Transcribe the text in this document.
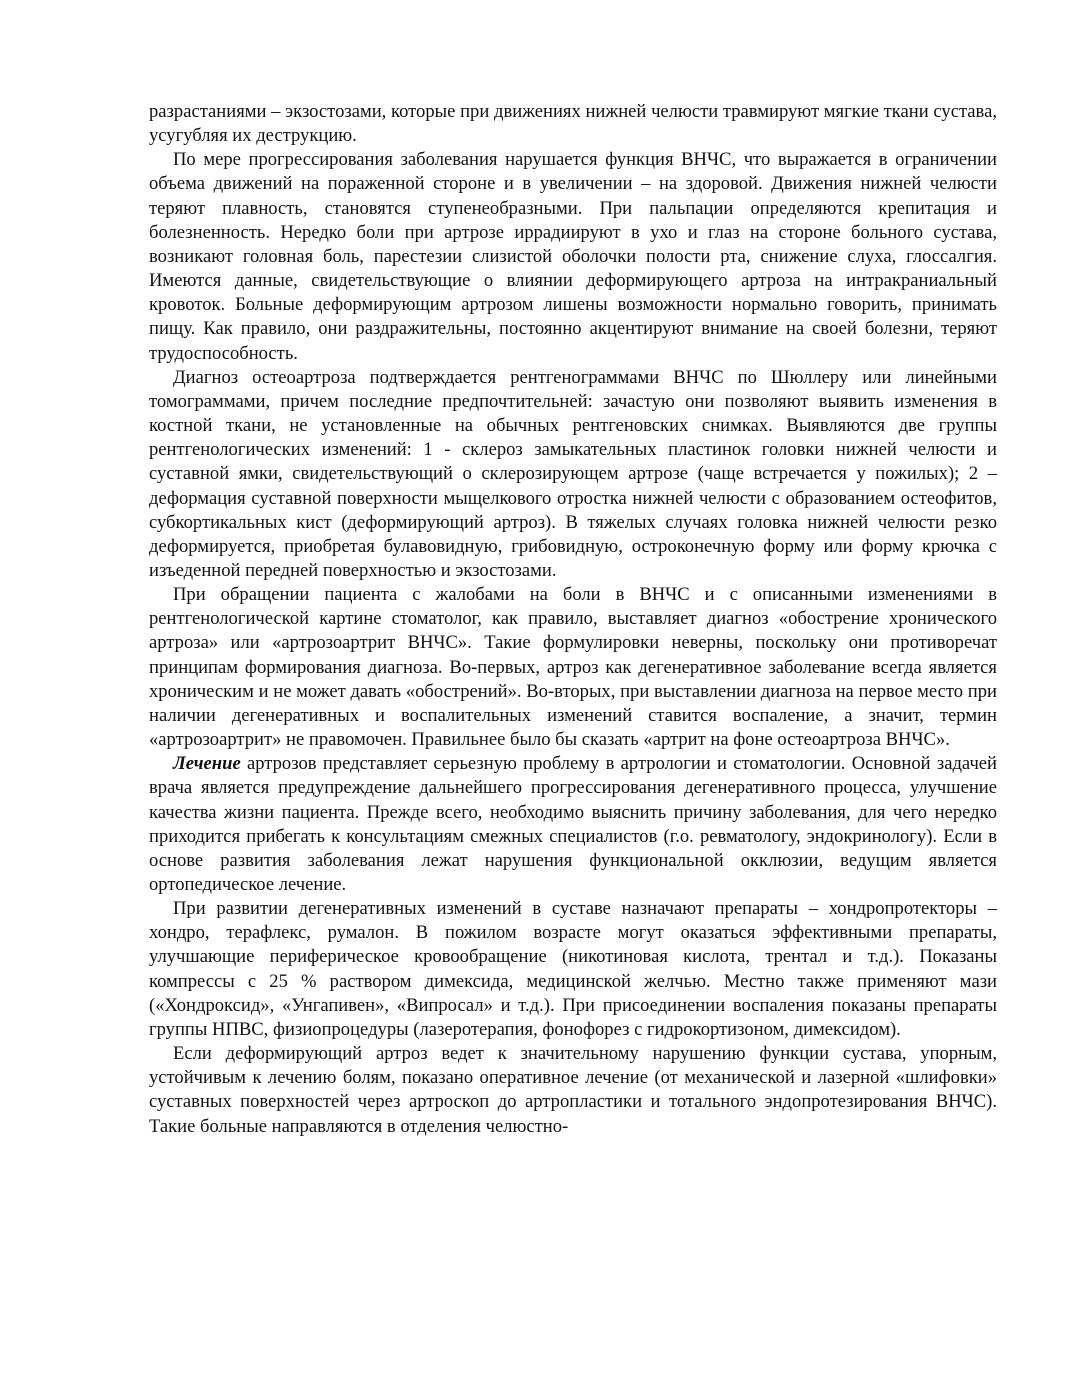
разрастаниями – экзостозами, которые при движениях нижней челюсти травмируют мягкие ткани сустава, усугубляя их деструкцию.

По мере прогрессирования заболевания нарушается функция ВНЧС, что выражается в ограничении объема движений на пораженной стороне и в увеличении – на здоровой. Движения нижней челюсти теряют плавность, становятся ступенеобразными. При пальпации определяются крепитация и болезненность. Нередко боли при артрозе иррадиируют в ухо и глаз на стороне больного сустава, возникают головная боль, парестезии слизистой оболочки полости рта, снижение слуха, глоссалгия. Имеются данные, свидетельствующие о влиянии деформирующего артроза на интракраниальный кровоток. Больные деформирующим артрозом лишены возможности нормально говорить, принимать пищу. Как правило, они раздражительны, постоянно акцентируют внимание на своей болезни, теряют трудоспособность.

Диагноз остеоартроза подтверждается рентгенограммами ВНЧС по Шюллеру или линейными томограммами, причем последние предпочтительней: зачастую они позволяют выявить изменения в костной ткани, не установленные на обычных рентгеновских снимках. Выявляются две группы рентгенологических изменений: 1 - склероз замыкательных пластинок головки нижней челюсти и суставной ямки, свидетельствующий о склерозирующем артрозе (чаще встречается у пожилых); 2 – деформация суставной поверхности мыщелкового отростка нижней челюсти с образованием остеофитов, субкортикальных кист (деформирующий артроз). В тяжелых случаях головка нижней челюсти резко деформируется, приобретая булавовидную, грибовидную, остроконечную форму или форму крючка с изъеденной передней поверхностью и экзостозами.

При обращении пациента с жалобами на боли в ВНЧС и с описанными изменениями в рентгенологической картине стоматолог, как правило, выставляет диагноз «обострение хронического артроза» или «артрозоартрит ВНЧС». Такие формулировки неверны, поскольку они противоречат принципам формирования диагноза. Во-первых, артроз как дегенеративное заболевание всегда является хроническим и не может давать «обострений». Во-вторых, при выставлении диагноза на первое место при наличии дегенеративных и воспалительных изменений ставится воспаление, а значит, термин «артрозоартрит» не правомочен. Правильнее было бы сказать «артрит на фоне остеоартроза ВНЧС».

Лечение артрозов представляет серьезную проблему в артрологии и стоматологии. Основной задачей врача является предупреждение дальнейшего прогрессирования дегенеративного процесса, улучшение качества жизни пациента. Прежде всего, необходимо выяснить причину заболевания, для чего нередко приходится прибегать к консультациям смежных специалистов (г.о. ревматологу, эндокринологу). Если в основе развития заболевания лежат нарушения функциональной окклюзии, ведущим является ортопедическое лечение.

При развитии дегенеративных изменений в суставе назначают препараты – хондропротекторы – хондро, терафлекс, румалон. В пожилом возрасте могут оказаться эффективными препараты, улучшающие периферическое кровообращение (никотиновая кислота, трентал и т.д.). Показаны компрессы с 25 % раствором димексида, медицинской желчью. Местно также применяют мази («Хондроксид», «Унгапивен», «Випросал» и т.д.). При присоединении воспаления показаны препараты группы НПВС, физиопроцедуры (лазеротерапия, фонофорез с гидрокортизоном, димексидом).

Если деформирующий артроз ведет к значительному нарушению функции сустава, упорным, устойчивым к лечению болям, показано оперативное лечение (от механической и лазерной «шлифовки» суставных поверхностей через артроскоп до артропластики и тотального эндопротезирования ВНЧС). Такие больные направляются в отделения челюстно-
